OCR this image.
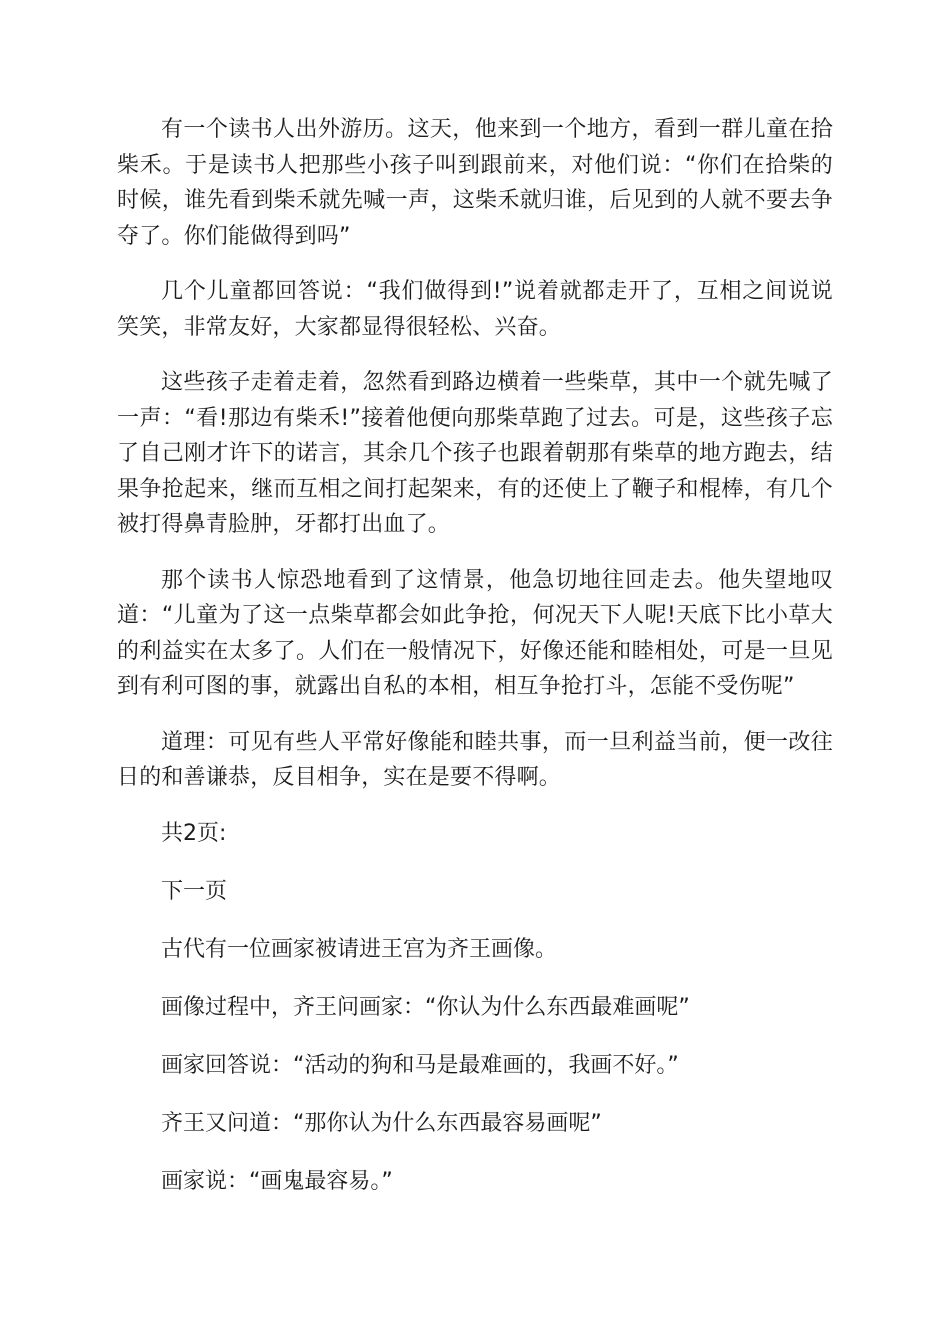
有一个读书人出外游历。这天，他来到一个地方，看到一群儿童在拾柴禾。于是读书人把那些小孩子叫到跟前来，对他们说：“你们在拾柴的时候，谁先看到柴禾就先喊一声，这柴禾就归谁，后见到的人就不要去争夺了。你们能做得到吗”

几个儿童都回答说：“我们做得到!”说着就都走开了，互相之间说说笑笑，非常友好，大家都显得很轻松、兴奋。

这些孩子走着走着，忽然看到路边横着一些柴草，其中一个就先喊了一声：“看!那边有柴禾!”接着他便向那柴草跑了过去。可是，这些孩子忘了自己刚才许下的诺言，其余几个孩子也跟着朝那有柴草的地方跑去，结果争抢起来，继而互相之间打起架来，有的还使上了鞭子和棍棒，有几个被打得鼻青脸肿，牙都打出血了。

那个读书人惊恐地看到了这情景，他急切地往回走去。他失望地叹道：“儿童为了这一点柴草都会如此争抢，何况天下人呢!天底下比小草大的利益实在太多了。人们在一般情况下，好像还能和睦相处，可是一旦见到有利可图的事，就露出自私的本相，相互争抢打斗，怎能不受伤呢”

道理：可见有些人平常好像能和睦共事，而一旦利益当前，便一改往日的和善谦恭，反目相争，实在是要不得啊。

共2页:

下一页

古代有一位画家被请进王宫为齐王画像。

画像过程中，齐王问画家：“你认为什么东西最难画呢”

画家回答说：“活动的狗和马是最难画的，我画不好。”

齐王又问道：“那你认为什么东西最容易画呢”

画家说：“画鬼最容易。”
